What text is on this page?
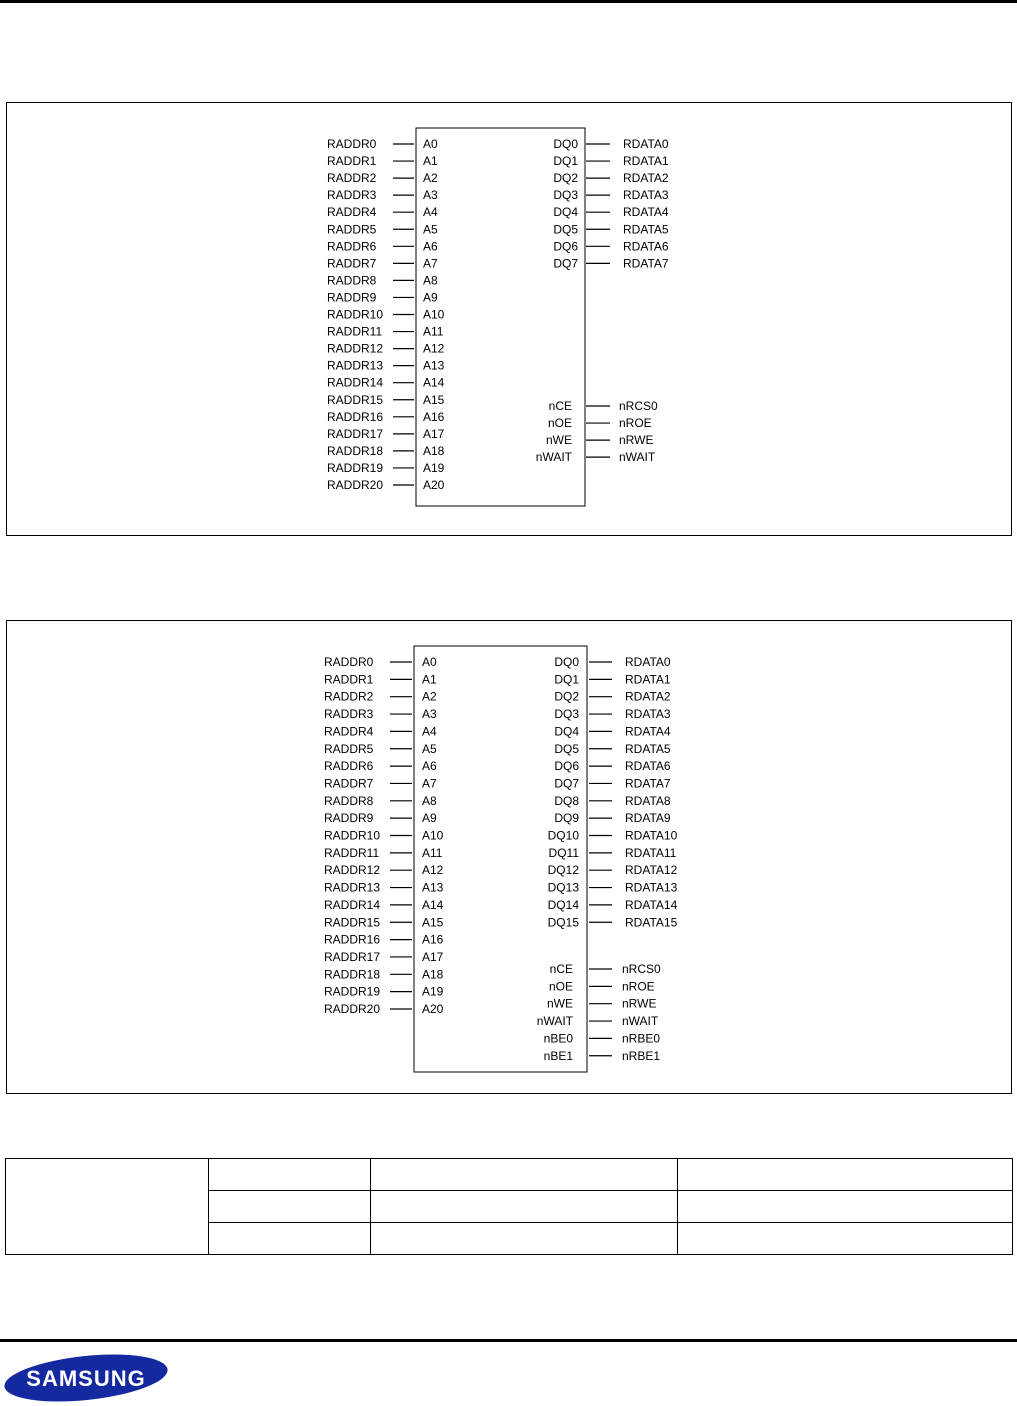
RADDR0	A0
RADDR1	A1
RADDR2	A2
RADDR3	A3
RADDR4	A4
RADDR5	A5
RADDR6	A6
RADDR7	A7
RADDR8	A8
RADDR9	A9
RADDR10	A10
RADDR11	A11
RADDR12	A12
RADDR13	A13
RADDR14	A14
RADDR15	A15
RADDR16	A16
RADDR17	A17
RADDR18	A18
RADDR19	A19
RADDR20	A20
DQ0	RDATA0
DQ1	RDATA1
DQ2	RDATA2
DQ3	RDATA3
DQ4	RDATA4
DQ5	RDATA5
DQ6	RDATA6
DQ7	RDATA7
nCE	nRCS0
nOE	nROE
nWE	nRWE
nWAIT	nWAIT
RADDR0	A0
RADDR1	A1
RADDR2	A2
RADDR3	A3
RADDR4	A4
RADDR5	A5
RADDR6	A6
RADDR7	A7
RADDR8	A8
RADDR9	A9
RADDR10	A10
RADDR11	A11
RADDR12	A12
RADDR13	A13
RADDR14	A14
RADDR15	A15
RADDR16	A16
RADDR17	A17
RADDR18	A18
RADDR19	A19
RADDR20	A20
DQ0	RDATA0
DQ1	RDATA1
DQ2	RDATA2
DQ3	RDATA3
DQ4	RDATA4
DQ5	RDATA5
DQ6	RDATA6
DQ7	RDATA7
DQ8	RDATA8
DQ9	RDATA9
DQ10	RDATA10
DQ11	RDATA11
DQ12	RDATA12
DQ13	RDATA13
DQ14	RDATA14
DQ15	RDATA15
nCE	nRCS0
nOE	nROE
nWE	nRWE
nWAIT	nWAIT
nBE0	nRBE0
nBE1	nRBE1

SAMSUNG
